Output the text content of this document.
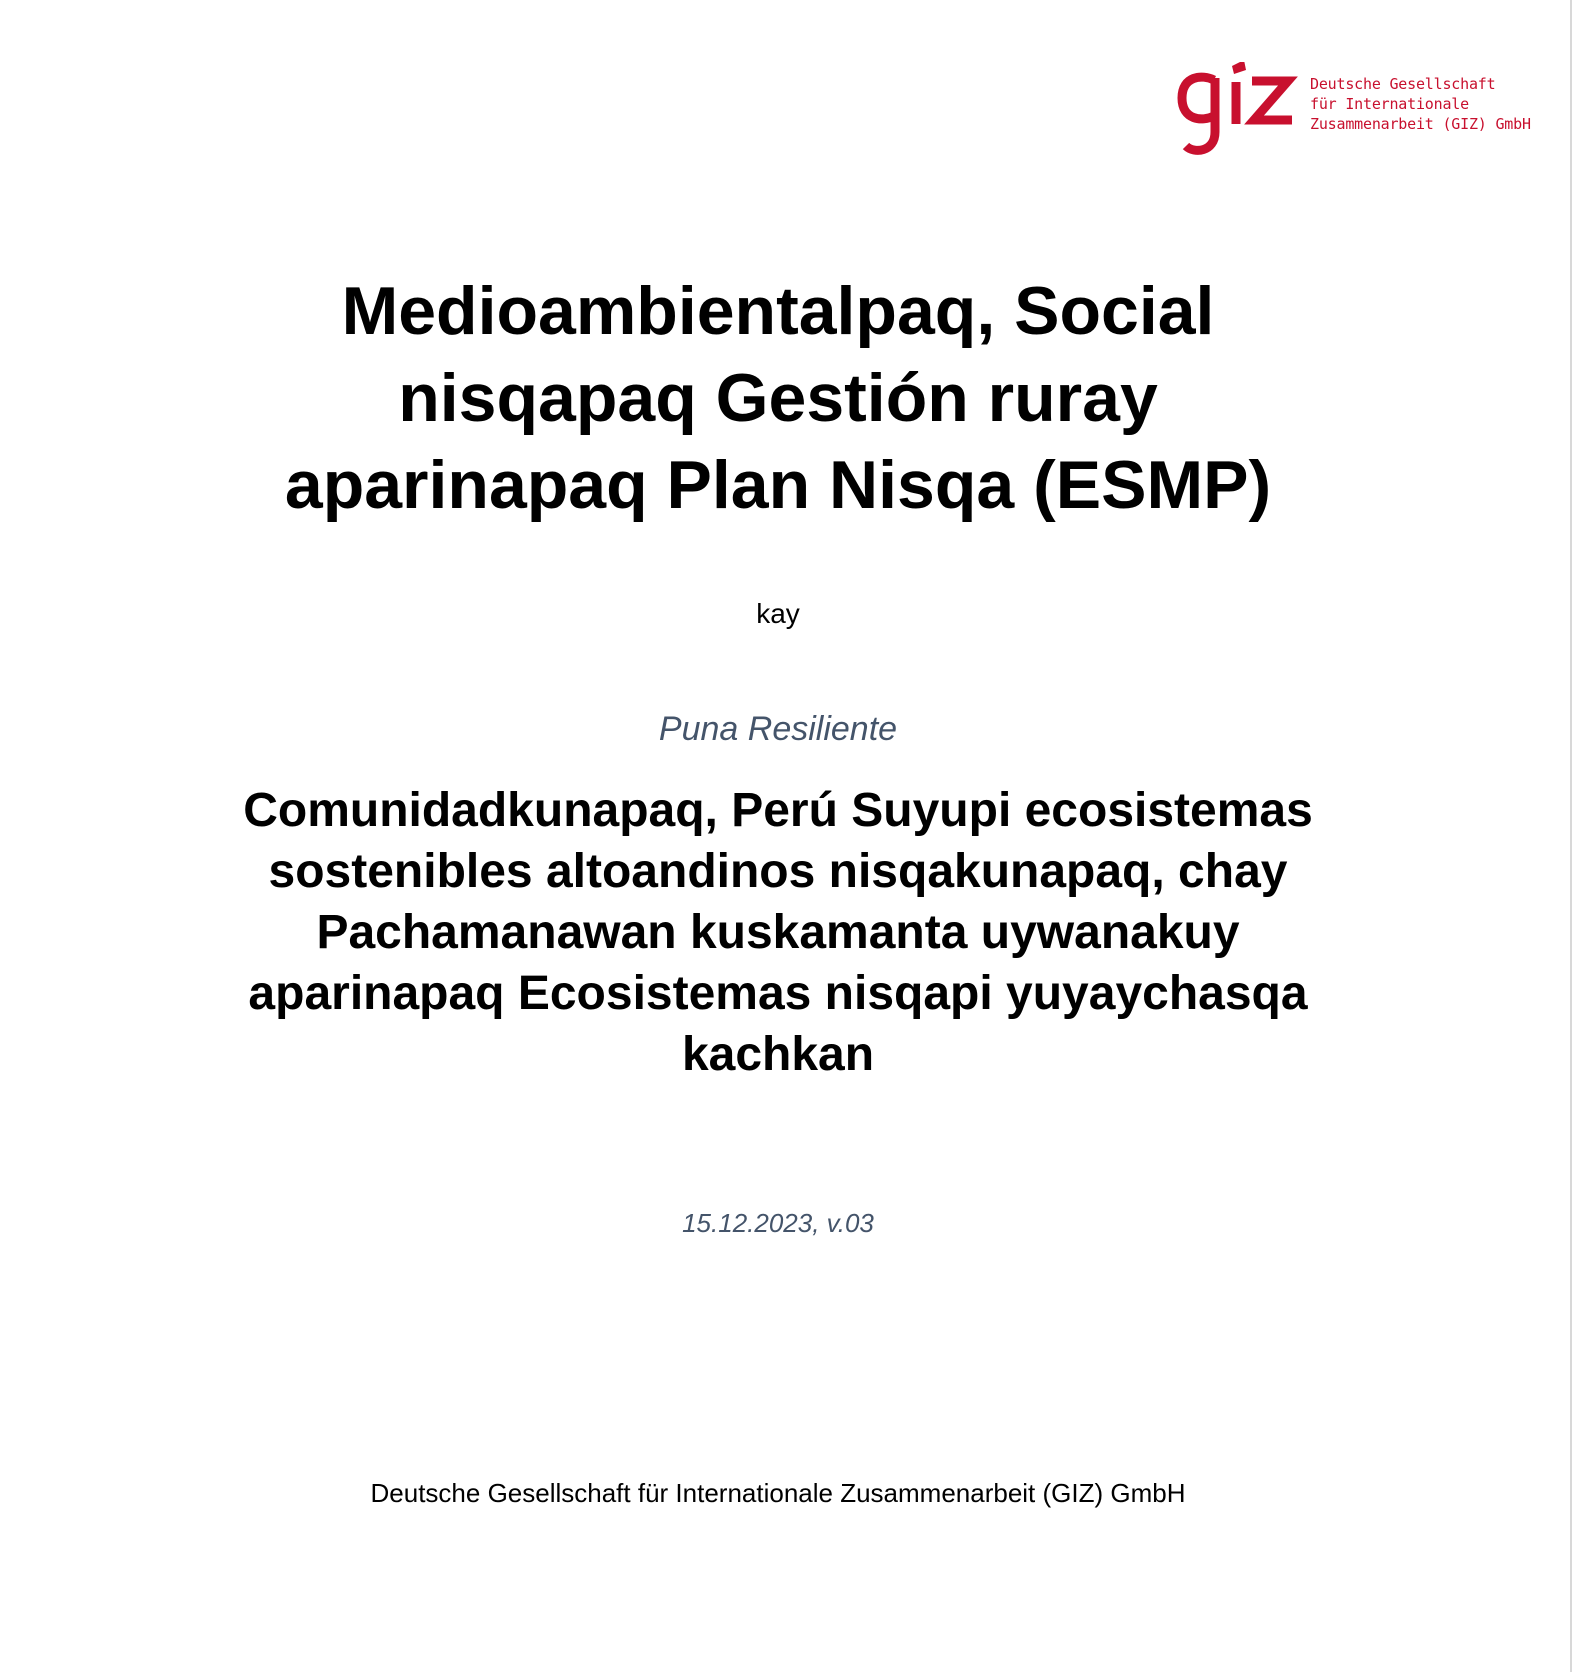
Deutsche Gesellschaft
für Internationale
Zusammenarbeit (GIZ) GmbH
Medioambientalpaq, Social
nisqapaq Gestión ruray
aparinapaq Plan Nisqa (ESMP)
kay
Puna Resiliente
Comunidadkunapaq, Perú Suyupi ecosistemas
sostenibles altoandinos nisqakunapaq, chay
Pachamanawan kuskamanta uywanakuy
aparinapaq Ecosistemas nisqapi yuyaychasqa
kachkan
15.12.2023, v.03
Deutsche Gesellschaft für Internationale Zusammenarbeit (GIZ) GmbH
